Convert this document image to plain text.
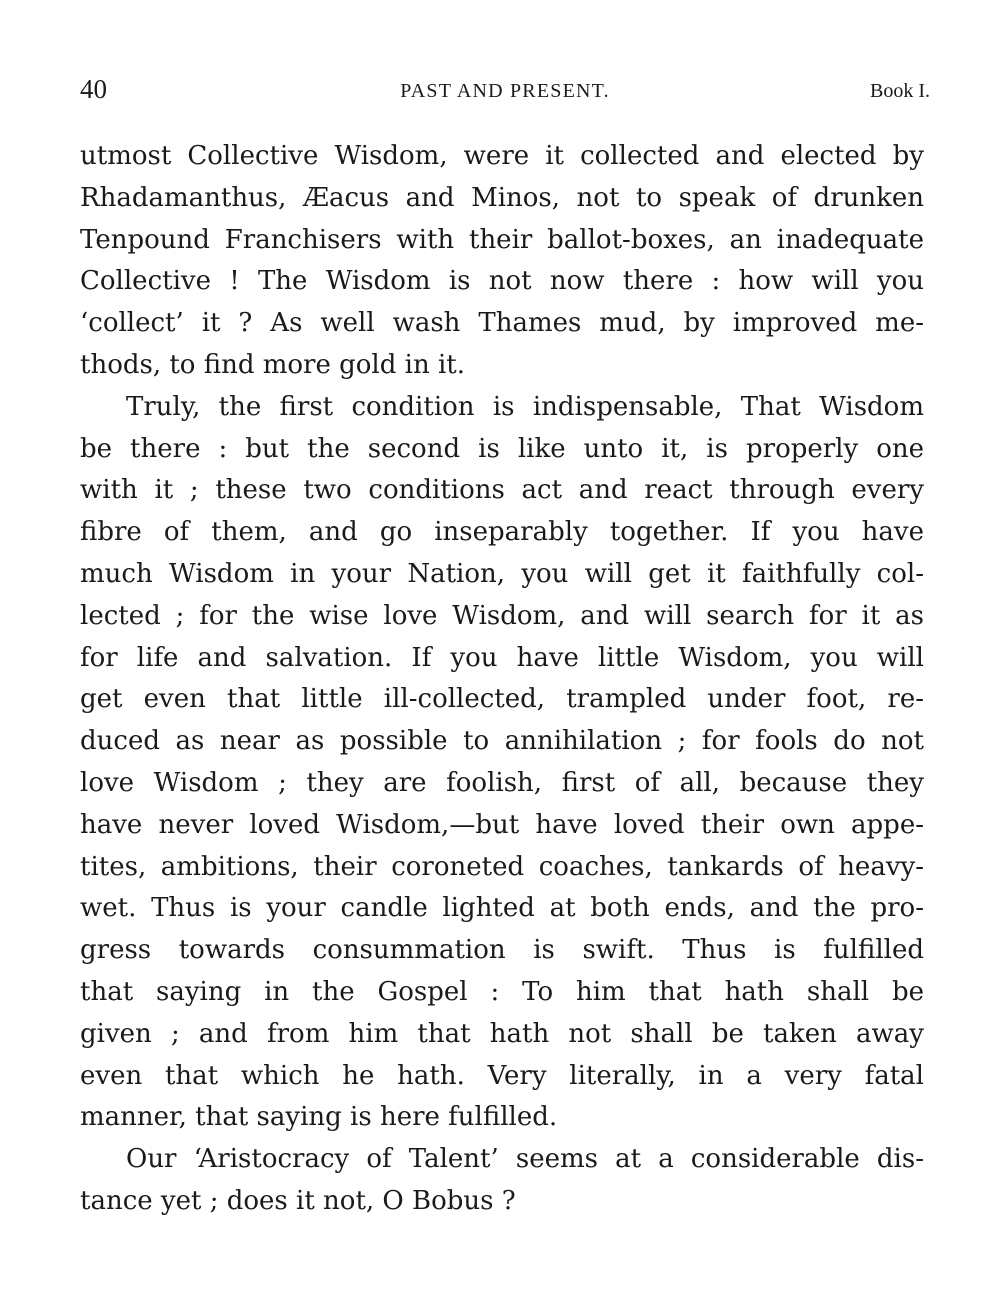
40	PAST AND PRESENT.	Book I.
utmost Collective Wisdom, were it collected and elected by
Rhadamanthus, Æacus and Minos, not to speak of drunken
Tenpound Franchisers with their ballot-boxes, an inadequate
Collective ! The Wisdom is not now there : how will you
‘collect’ it ? As well wash Thames mud, by improved me-
thods, to find more gold in it.
Truly, the first condition is indispensable, That Wisdom
be there : but the second is like unto it, is properly one
with it ; these two conditions act and react through every
fibre of them, and go inseparably together. If you have
much Wisdom in your Nation, you will get it faithfully col-
lected ; for the wise love Wisdom, and will search for it as
for life and salvation. If you have little Wisdom, you will
get even that little ill-collected, trampled under foot, re-
duced as near as possible to annihilation ; for fools do not
love Wisdom ; they are foolish, first of all, because they
have never loved Wisdom,—but have loved their own appe-
tites, ambitions, their coroneted coaches, tankards of heavy-
wet. Thus is your candle lighted at both ends, and the pro-
gress towards consummation is swift. Thus is fulfilled
that saying in the Gospel : To him that hath shall be
given ; and from him that hath not shall be taken away
even that which he hath. Very literally, in a very fatal
manner, that saying is here fulfilled.
Our ‘Aristocracy of Talent’ seems at a considerable dis-
tance yet ; does it not, O Bobus ?
